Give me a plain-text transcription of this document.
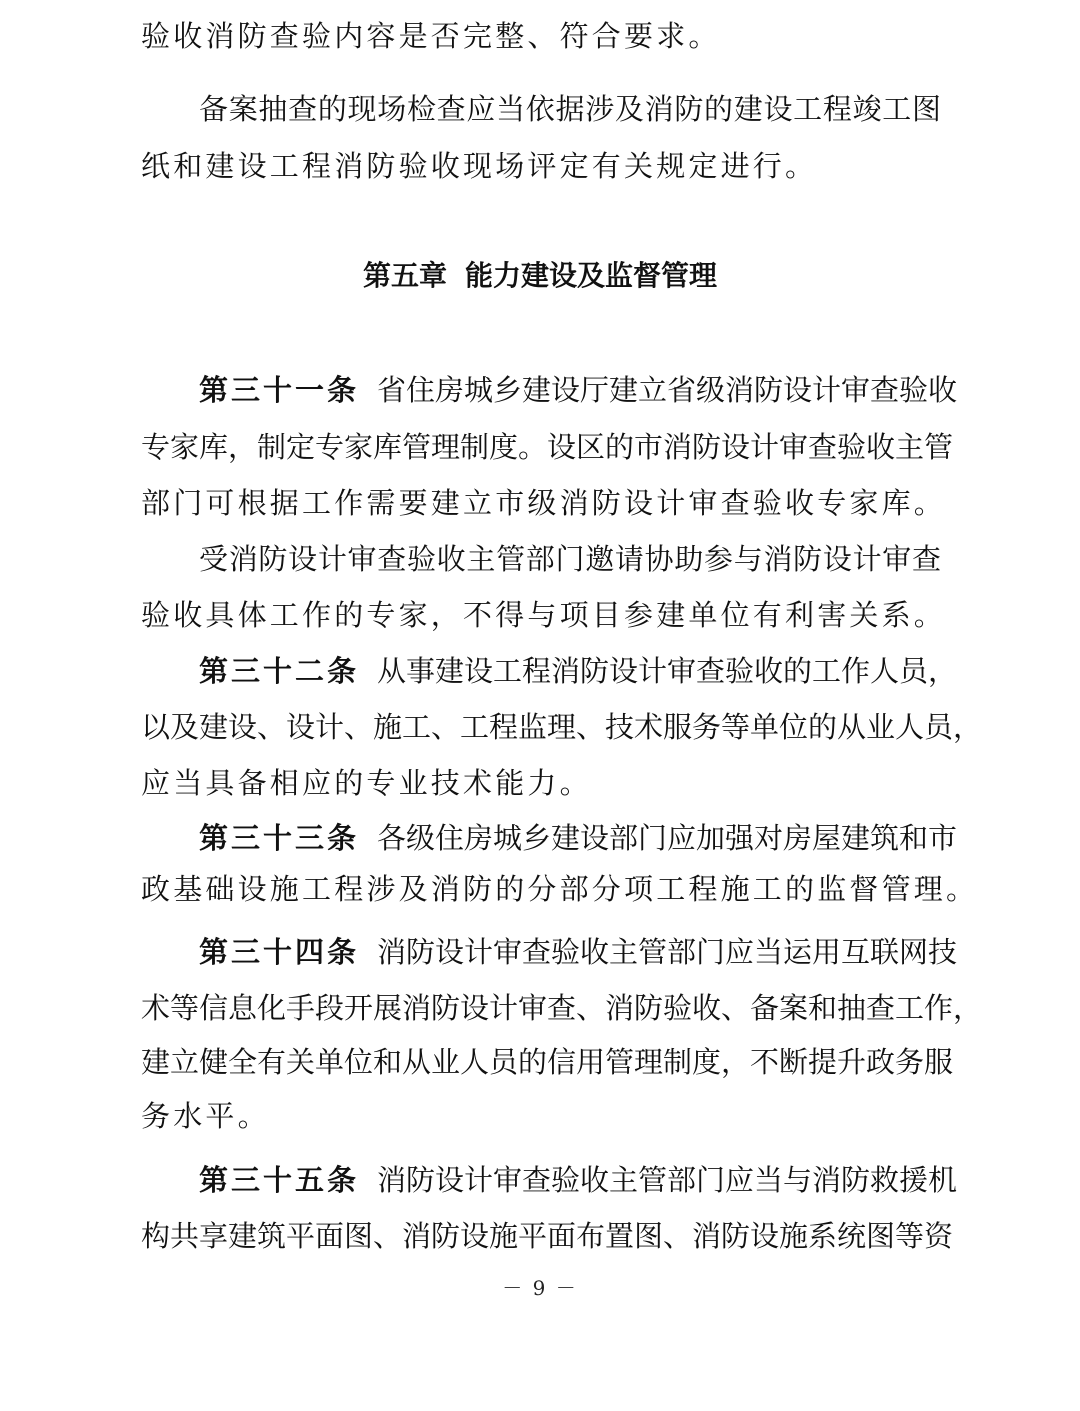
验收消防查验内容是否完整、符合要求。
备案抽查的现场检查应当依据涉及消防的建设工程竣工图
纸和建设工程消防验收现场评定有关规定进行。
第五章 能力建设及监督管理
第三十一条 省住房城乡建设厅建立省级消防设计审查验收
专家库，制定专家库管理制度。设区的市消防设计审查验收主管
部门可根据工作需要建立市级消防设计审查验收专家库。
受消防设计审查验收主管部门邀请协助参与消防设计审查
验收具体工作的专家，不得与项目参建单位有利害关系。
第三十二条 从事建设工程消防设计审查验收的工作人员，
以及建设、设计、施工、工程监理、技术服务等单位的从业人员，
应当具备相应的专业技术能力。
第三十三条 各级住房城乡建设部门应加强对房屋建筑和市
政基础设施工程涉及消防的分部分项工程施工的监督管理。
第三十四条 消防设计审查验收主管部门应当运用互联网技
术等信息化手段开展消防设计审查、消防验收、备案和抽查工作，
建立健全有关单位和从业人员的信用管理制度，不断提升政务服
务水平。
第三十五条 消防设计审查验收主管部门应当与消防救援机
构共享建筑平面图、消防设施平面布置图、消防设施系统图等资
－ 9 －
